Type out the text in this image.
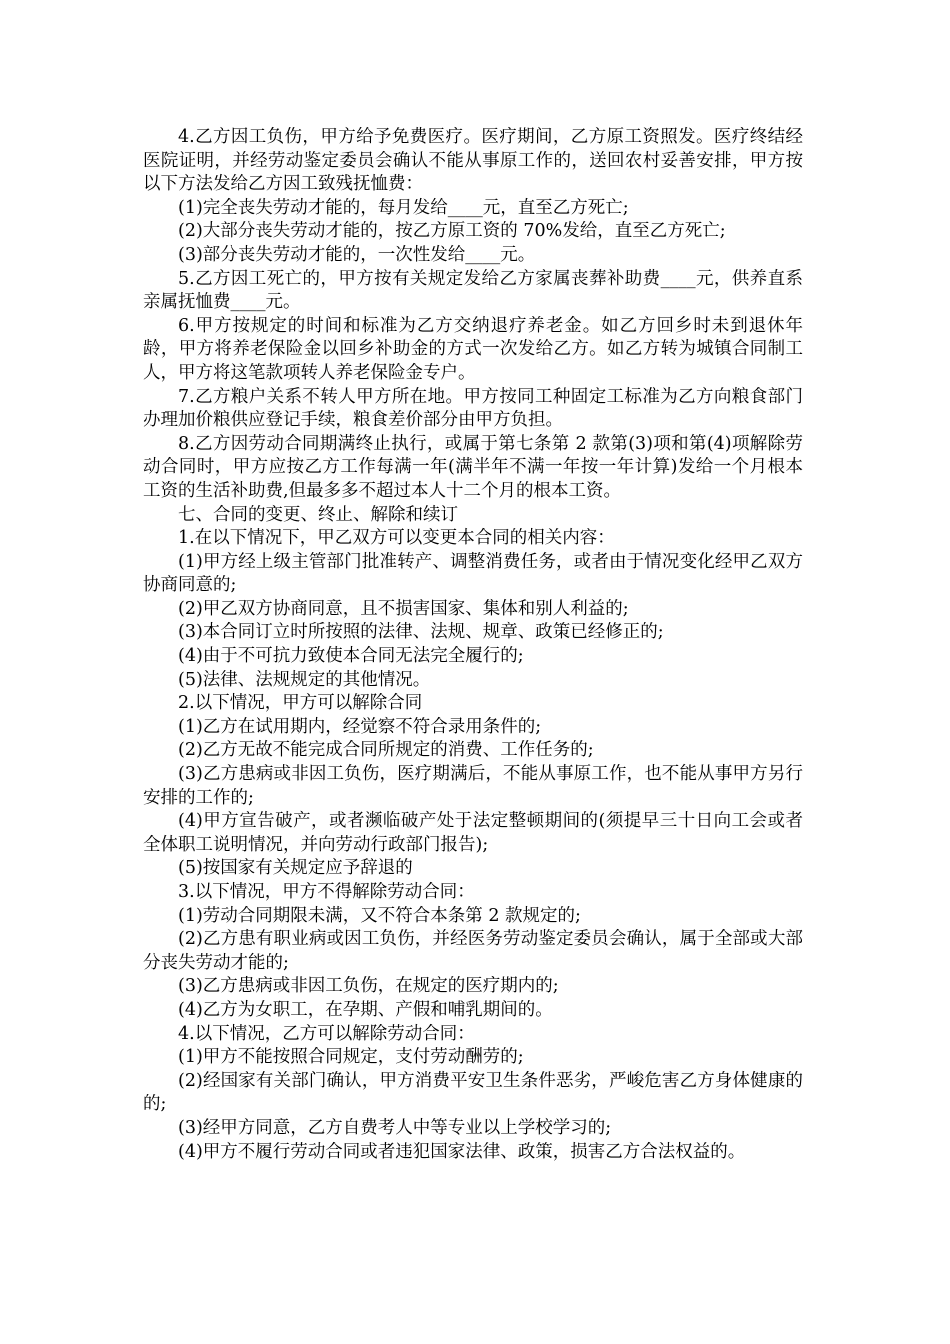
4.乙方因工负伤，甲方给予免费医疗。医疗期间，乙方原工资照发。医疗终结经医院证明，并经劳动鉴定委员会确认不能从事原工作的，送回农村妥善安排，甲方按以下方法发给乙方因工致残抚恤费：

(1)完全丧失劳动才能的，每月发给____元，直至乙方死亡;

(2)大部分丧失劳动才能的，按乙方原工资的 70%发给，直至乙方死亡;

(3)部分丧失劳动才能的，一次性发给____元。

5.乙方因工死亡的，甲方按有关规定发给乙方家属丧葬补助费____元，供养直系亲属抚恤费____元。

6.甲方按规定的时间和标准为乙方交纳退疗养老金。如乙方回乡时未到退休年龄，甲方将养老保险金以回乡补助金的方式一次发给乙方。如乙方转为城镇合同制工人，甲方将这笔款项转人养老保险金专户。

7.乙方粮户关系不转人甲方所在地。甲方按同工种固定工标准为乙方向粮食部门办理加价粮供应登记手续，粮食差价部分由甲方负担。

8.乙方因劳动合同期满终止执行，或属于第七条第 2 款第(3)项和第(4)项解除劳动合同时，甲方应按乙方工作每满一年(满半年不满一年按一年计算)发给一个月根本工资的生活补助费,但最多多不超过本人十二个月的根本工资。

七、合同的变更、终止、解除和续订

1.在以下情况下，甲乙双方可以变更本合同的相关内容：

(1)甲方经上级主管部门批准转产、调整消费任务，或者由于情况变化经甲乙双方协商同意的;

(2)甲乙双方协商同意，且不损害国家、集体和别人利益的;

(3)本合同订立时所按照的法律、法规、规章、政策已经修正的;

(4)由于不可抗力致使本合同无法完全履行的;

(5)法律、法规规定的其他情况。

2.以下情况，甲方可以解除合同

(1)乙方在试用期内，经觉察不符合录用条件的;

(2)乙方无故不能完成合同所规定的消费、工作任务的;

(3)乙方患病或非因工负伤，医疗期满后，不能从事原工作，也不能从事甲方另行安排的工作的;

(4)甲方宣告破产，或者濒临破产处于法定整顿期间的(须提早三十日向工会或者全体职工说明情况，并向劳动行政部门报告);

(5)按国家有关规定应予辞退的

3.以下情况，甲方不得解除劳动合同：

(1)劳动合同期限未满，又不符合本条第 2 款规定的;

(2)乙方患有职业病或因工负伤，并经医务劳动鉴定委员会确认，属于全部或大部分丧失劳动才能的;

(3)乙方患病或非因工负伤，在规定的医疗期内的;

(4)乙方为女职工，在孕期、产假和哺乳期间的。

4.以下情况，乙方可以解除劳动合同：

(1)甲方不能按照合同规定，支付劳动酬劳的;

(2)经国家有关部门确认，甲方消费平安卫生条件恶劣，严峻危害乙方身体健康的的;

(3)经甲方同意，乙方自费考人中等专业以上学校学习的;

(4)甲方不履行劳动合同或者违犯国家法律、政策，损害乙方合法权益的。
